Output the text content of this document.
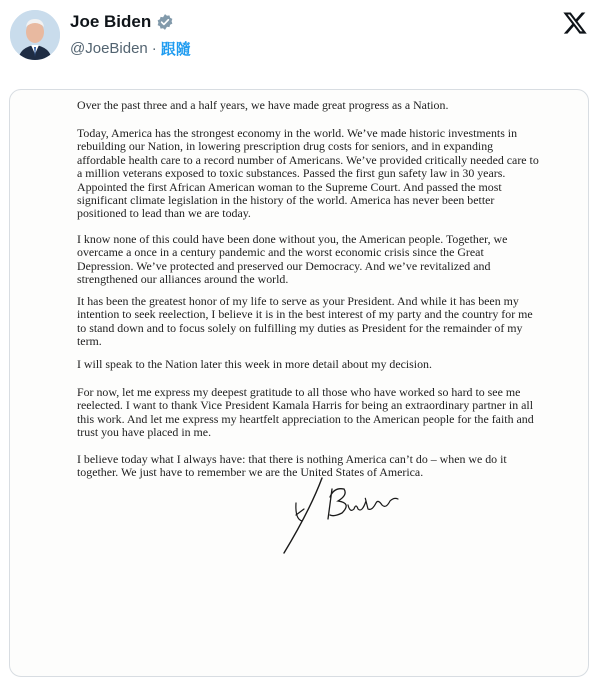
Joe Biden
@JoeBiden · 跟隨

Over the past three and a half years, we have made great progress as a Nation.

Today, America has the strongest economy in the world. We’ve made historic investments in rebuilding our Nation, in lowering prescription drug costs for seniors, and in expanding affordable health care to a record number of Americans. We’ve provided critically needed care to a million veterans exposed to toxic substances. Passed the first gun safety law in 30 years. Appointed the first African American woman to the Supreme Court. And passed the most significant climate legislation in the history of the world. America has never been better positioned to lead than we are today.

I know none of this could have been done without you, the American people. Together, we overcame a once in a century pandemic and the worst economic crisis since the Great Depression. We’ve protected and preserved our Democracy. And we’ve revitalized and strengthened our alliances around the world.

It has been the greatest honor of my life to serve as your President. And while it has been my intention to seek reelection, I believe it is in the best interest of my party and the country for me to stand down and to focus solely on fulfilling my duties as President for the remainder of my term.

I will speak to the Nation later this week in more detail about my decision.

For now, let me express my deepest gratitude to all those who have worked so hard to see me reelected. I want to thank Vice President Kamala Harris for being an extraordinary partner in all this work. And let me express my heartfelt appreciation to the American people for the faith and trust you have placed in me.

I believe today what I always have: that there is nothing America can’t do – when we do it together. We just have to remember we are the United States of America.
